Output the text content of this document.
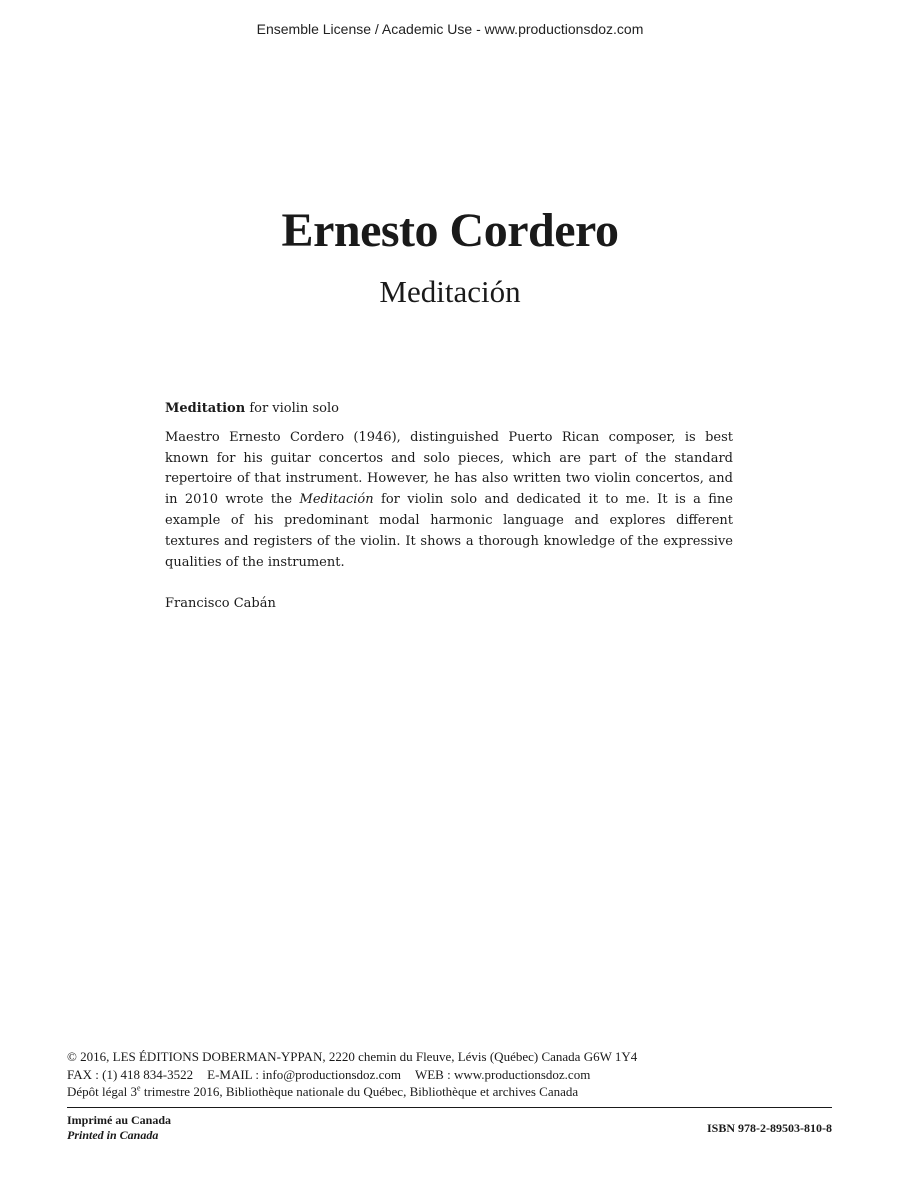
Ensemble License / Academic Use - www.productionsdoz.com
Ernesto Cordero
Meditación

Meditation for violin solo

Maestro Ernesto Cordero (1946), distinguished Puerto Rican composer, is best known for his guitar concertos and solo pieces, which are part of the standard repertoire of that instrument. However, he has also written two violin concertos, and in 2010 wrote the Meditación for violin solo and dedicated it to me. It is a fine example of his predominant modal harmonic language and explores different textures and registers of the violin. It shows a thorough knowledge of the expressive qualities of the instrument.

Francisco Cabán

© 2016, LES ÉDITIONS DOBERMAN-YPPAN, 2220 chemin du Fleuve, Lévis (Québec) Canada G6W 1Y4
FAX : (1) 418 834-3522 E-MAIL : info@productionsdoz.com WEB : www.productionsdoz.com
Dépôt légal 3e trimestre 2016, Bibliothèque nationale du Québec, Bibliothèque et archives Canada
Imprimé au Canada
Printed in Canada	ISBN 978-2-89503-810-8
